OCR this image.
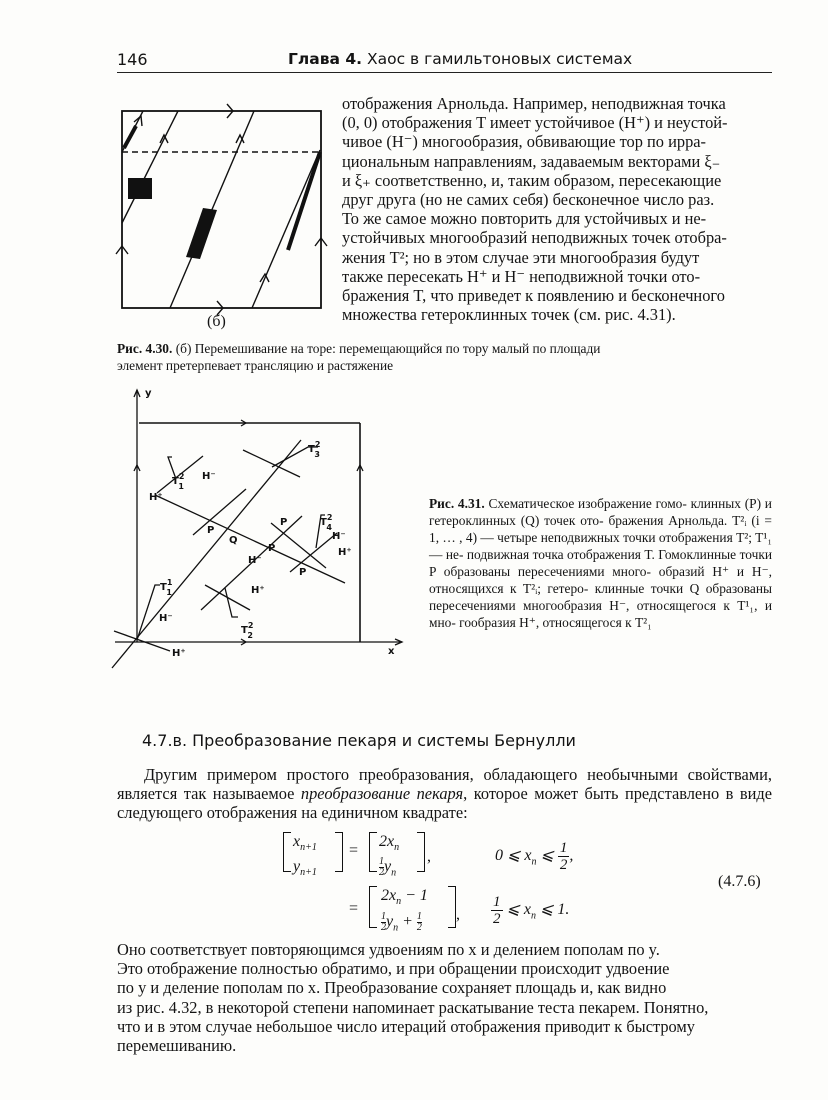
146	Глава 4. Хаос в гамильтоновых системах
(б)
отображения Арнольда. Например, неподвижная точка
(0, 0) отображения T имеет устойчивое (H⁺) и неустой-
чивое (H⁻) многообразия, обвивающие тор по ирра-
циональным направлениям, задаваемым векторами ξ₋
и ξ₊ соответственно, и, таким образом, пересекающие
друг друга (но не самих себя) бесконечное число раз.
То же самое можно повторить для устойчивых и не-
устойчивых многообразий неподвижных точек отобра-
жения T²; но в этом случае эти многообразия будут
также пересекать H⁺ и H⁻ неподвижной точки ото-
бражения T, что приведет к появлению и бесконечного
множества гетероклинных точек (см. рис. 4.31).
Рис. 4.30. (б) Перемешивание на торе: перемещающийся по тору малый по площади элемент претерпевает трансляцию и растяжение
y
x
$T^2$ 3
$T^2$ 1
$T^2$ 4
$T^2$ 2
$T^1$ 1
H⁻
H⁺
P
Q
P
P
P
H⁻
H⁺
H⁻
H⁺
H⁻
H⁺
Рис. 4.31. Схематическое изображение гомо- клинных (P) и гетероклинных (Q) точек ото- бражения Арнольда. T²ᵢ (i = 1, … , 4) — четыре неподвижных точки отображения T²; T¹₁ — не- подвижная точка отображения T. Гомоклинные точки P образованы пересечениями много- образий H⁺ и H⁻, относящихся к T²ᵢ; гетеро- клинные точки Q образованы пересечениями многообразия H⁻, относящегося к T¹₁, и мно- гообразия H⁺, относящегося к T²₁
4.7.в. Преобразование пекаря и системы Бернулли
Другим примером простого преобразования, обладающего необычными свойствами, является так называемое преобразование пекаря, которое может быть представлено в виде следующего отображения на единичном квадрате:
$x_{n+1}$
$y_{n+1}$
=
$2x_n$
$\frac{1}{2}y_n$
,	0 ⩽ $x_n$ ⩽ $\frac{1}{2}$ ,
=
$2x_n - 1$
$\frac{1}{2}y_n + \frac{1}{2}$	, $\frac{1}{2}$ ⩽ $x_n$ ⩽ 1.
(4.7.6)
Оно соответствует повторяющимся удвоениям по x и делением пополам по y.
Это отображение полностью обратимо, и при обращении происходит удвоение
по y и деление пополам по x. Преобразование сохраняет площадь и, как видно
из рис. 4.32, в некоторой степени напоминает раскатывание теста пекарем. Понятно,
что и в этом случае небольшое число итераций отображения приводит к быстрому
перемешиванию.
